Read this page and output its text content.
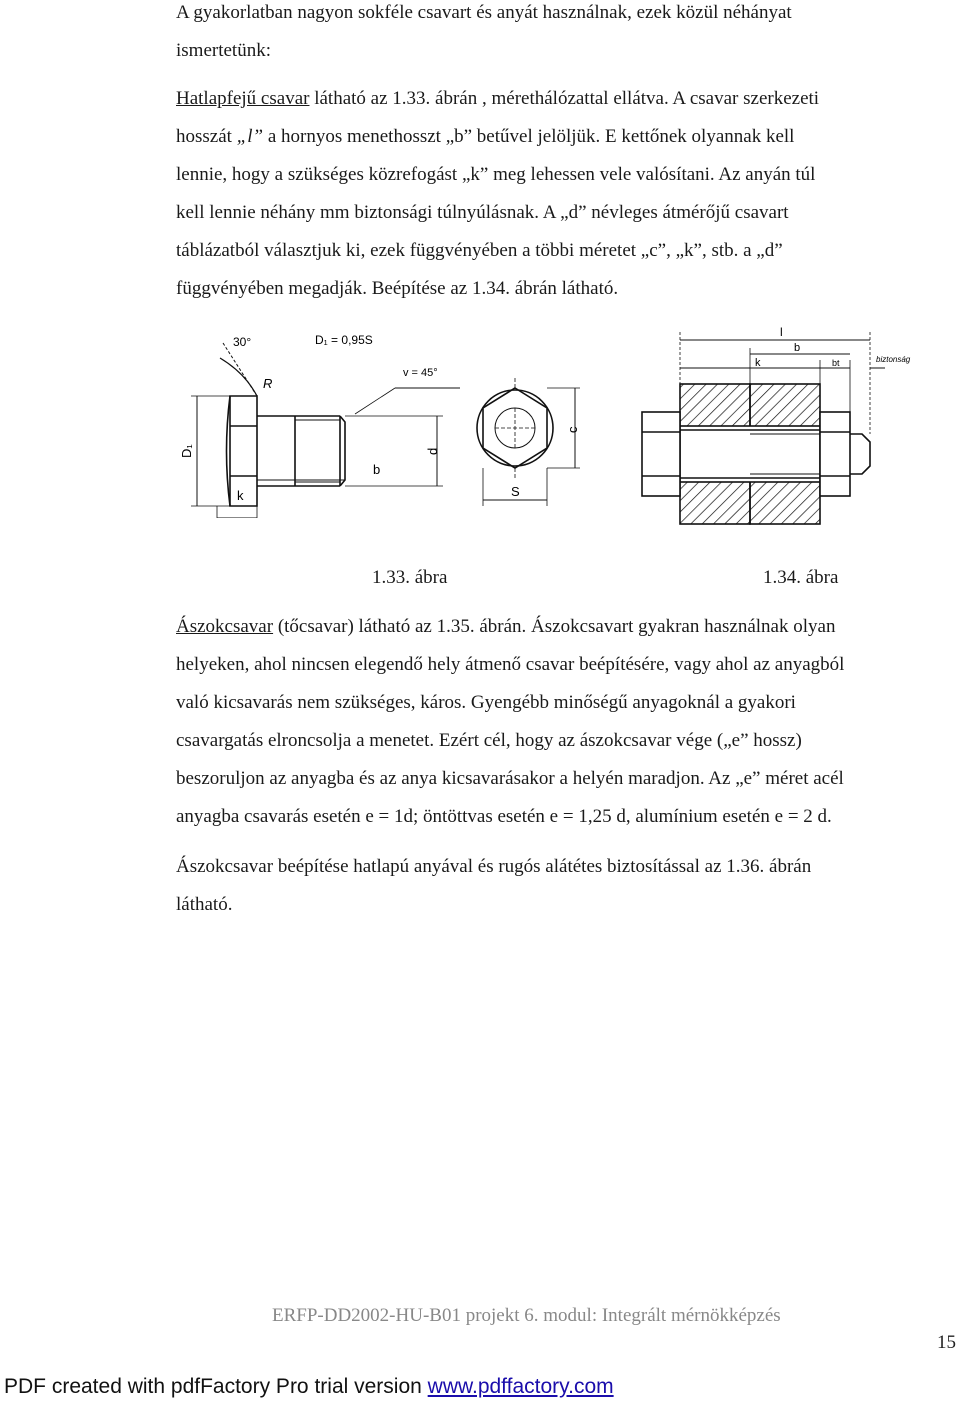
A gyakorlatban nagyon sokféle csavart és anyát használnak, ezek közül néhányat
ismertetünk:
Hatlapfejű csavar látható az 1.33. ábrán , mérethálózattal ellátva. A csavar szerkezeti
hosszát „l” a hornyos menethosszt „b” betűvel jelöljük. E kettőnek olyannak kell
lennie, hogy a szükséges közrefogást „k” meg lehessen vele valósítani. Az anyán túl
kell lennie néhány mm biztonsági túlnyúlásnak. A „d” névleges átmérőjű csavart
táblázatból választjuk ki, ezek függvényében a többi méretet „c”, „k”, stb. a „d”
függvényében megadják. Beépítése az 1.34. ábrán látható.
30°	D₁ = 0,95S
v = 45°
R
D₁	d
b
k	S
c
l
b
k	bt	biztonság
1.33. ábra	1.34. ábra
Ászokcsavar (tőcsavar) látható az 1.35. ábrán. Ászokcsavart gyakran használnak olyan
helyeken, ahol nincsen elegendő hely átmenő csavar beépítésére, vagy ahol az anyagból
való kicsavarás nem szükséges, káros. Gyengébb minőségű anyagoknál a gyakori
csavargatás elroncsolja a menetet. Ezért cél, hogy az ászokcsavar vége („e” hossz)
beszoruljon az anyagba és az anya kicsavarásakor a helyén maradjon. Az „e” méret acél
anyagba csavarás esetén e = 1d; öntöttvas esetén e = 1,25 d, alumínium esetén e = 2 d.
Ászokcsavar beépítése hatlapú anyával és rugós alátétes biztosítással az 1.36. ábrán
látható.
ERFP-DD2002-HU-B01 projekt 6. modul: Integrált mérnökképzés
15
PDF created with pdfFactory Pro trial version www.pdffactory.com
